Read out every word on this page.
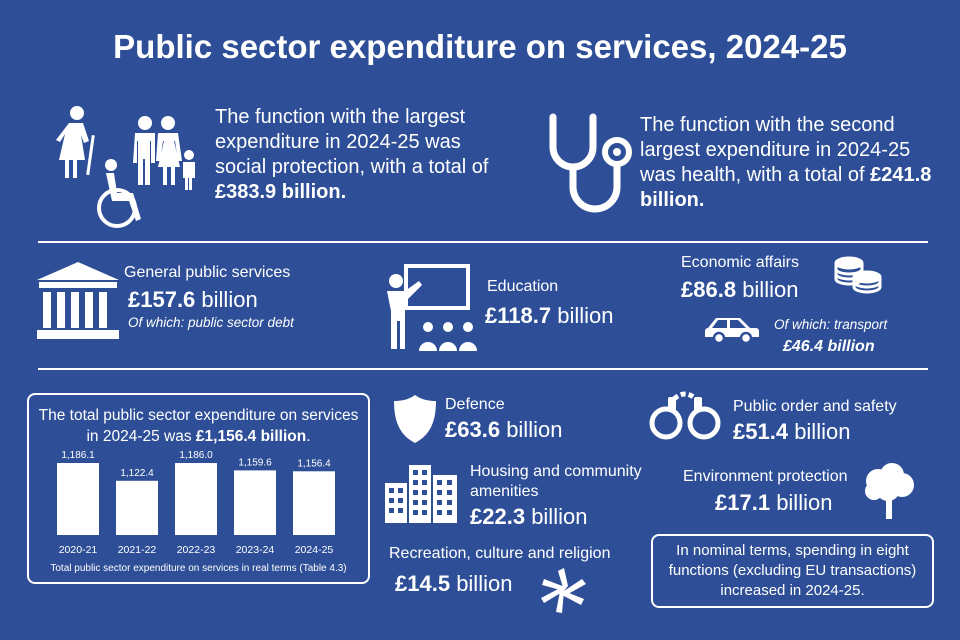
Public sector expenditure on services, 2024-25
The function with the largest expenditure in 2024-25 was social protection, with a total of £383.9 billion.
The function with the second largest expenditure in 2024-25 was health, with a total of £241.8 billion.
General public services
£157.6 billion
Of which: public sector debt
Education
£118.7 billion
Economic affairs
£86.8 billion
Of which: transport
£46.4 billion
The total public sector expenditure on services in 2024-25 was £1,156.4 billion.
1,186.1
2020-21
1,122.4
2021-22
1,186.0
2022-23
1,159.6
2023-24
1,156.4
2024-25
Total public sector expenditure on services in real terms (Table 4.3)
Defence
£63.6 billion
Housing and community amenities
£22.3 billion
Recreation, culture and religion
£14.5 billion
Public order and safety
£51.4 billion
Environment protection
£17.1 billion
In nominal terms, spending in eight functions (excluding EU transactions) increased in 2024-25.
